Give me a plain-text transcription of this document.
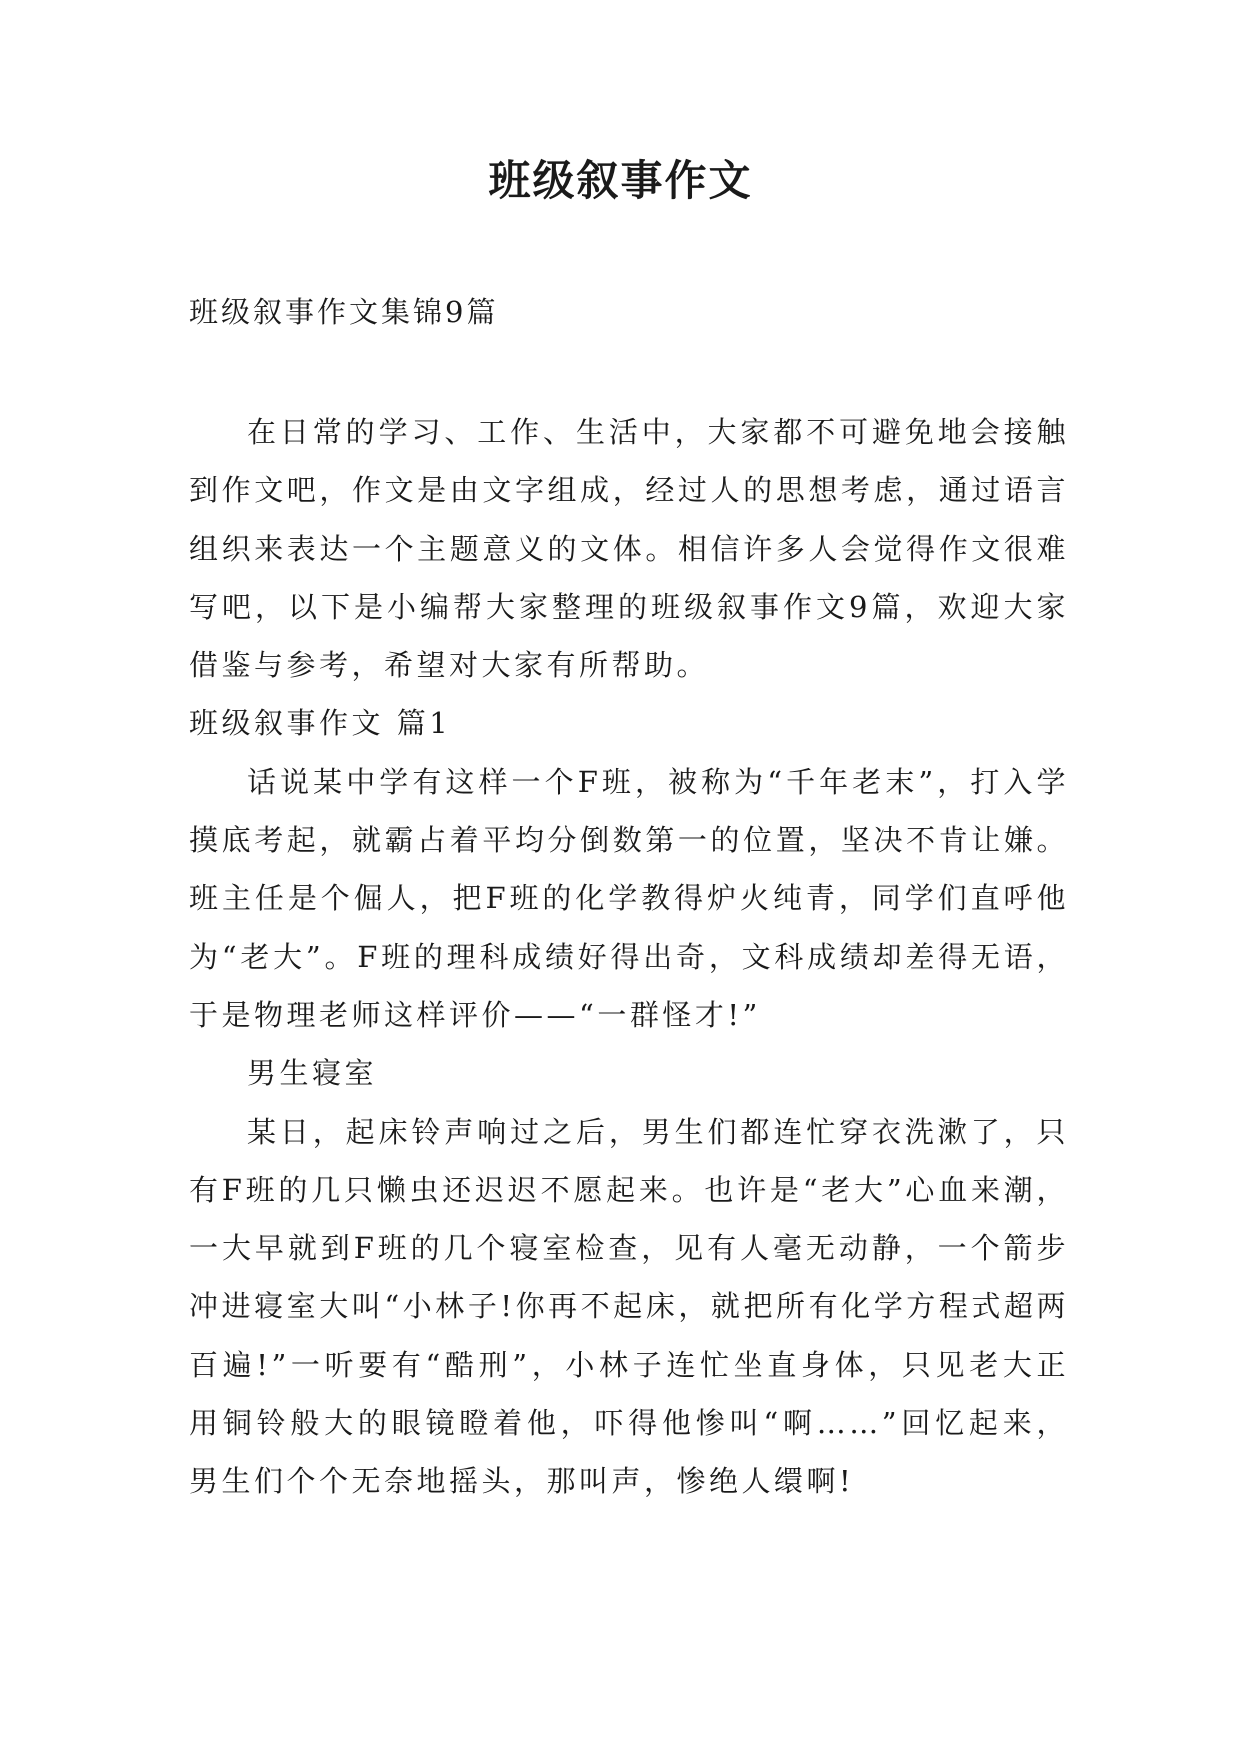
班级叙事作文

班级叙事作文集锦9篇

在日常的学习、工作、生活中，大家都不可避免地会接触到作文吧，作文是由文字组成，经过人的思想考虑，通过语言组织来表达一个主题意义的文体。相信许多人会觉得作文很难写吧，以下是小编帮大家整理的班级叙事作文9篇，欢迎大家借鉴与参考，希望对大家有所帮助。

班级叙事作文 篇1

话说某中学有这样一个F班，被称为“千年老末”，打入学摸底考起，就霸占着平均分倒数第一的位置，坚决不肯让嫌。班主任是个倔人，把F班的化学教得炉火纯青，同学们直呼他为“老大”。F班的理科成绩好得出奇，文科成绩却差得无语，于是物理老师这样评价——“一群怪才!”

男生寝室

某日，起床铃声响过之后，男生们都连忙穿衣洗漱了，只有F班的几只懒虫还迟迟不愿起来。也许是“老大”心血来潮，一大早就到F班的几个寝室检查，见有人毫无动静，一个箭步冲进寝室大叫“小林子!你再不起床，就把所有化学方程式超两百遍!”一听要有“酷刑”，小林子连忙坐直身体，只见老大正用铜铃般大的眼镜瞪着他，吓得他惨叫“啊……”回忆起来，男生们个个无奈地摇头，那叫声，惨绝人缳啊!
